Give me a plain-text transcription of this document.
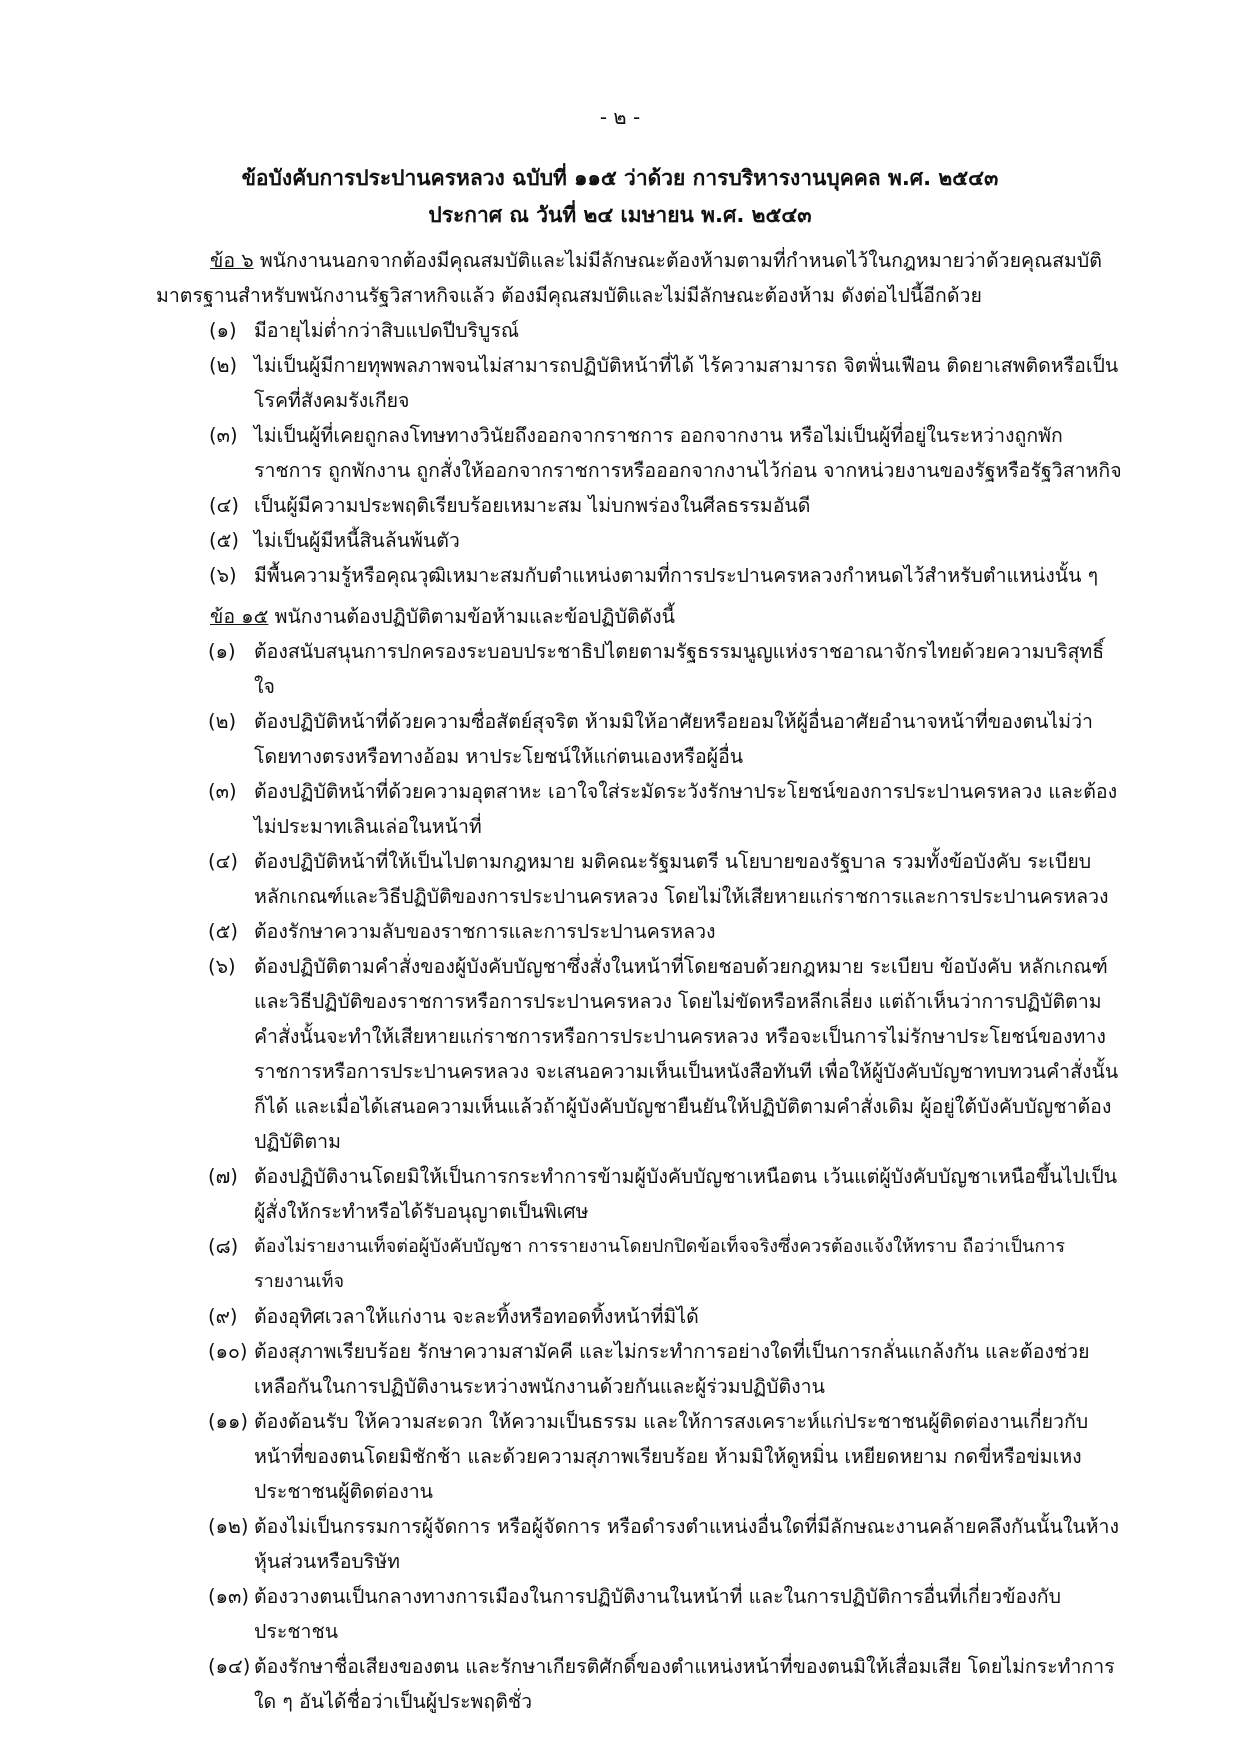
- ๒ -
ข้อบังคับการประปานครหลวง ฉบับที่ ๑๑๕ ว่าด้วย การบริหารงานบุคคล พ.ศ. ๒๕๔๓
ประกาศ ณ วันที่ ๒๔ เมษายน พ.ศ. ๒๕๔๓

ข้อ ๖ พนักงานนอกจากต้องมีคุณสมบัติและไม่มีลักษณะต้องห้ามตามที่กำหนดไว้ในกฎหมายว่าด้วยคุณสมบัติมาตรฐานสำหรับพนักงานรัฐวิสาหกิจแล้ว ต้องมีคุณสมบัติและไม่มีลักษณะต้องห้าม ดังต่อไปนี้อีกด้วย

(๑) มีอายุไม่ต่ำกว่าสิบแปดปีบริบูรณ์
(๒) ไม่เป็นผู้มีกายทุพพลภาพจนไม่สามารถปฏิบัติหน้าที่ได้ ไร้ความสามารถ จิตฟั่นเฟือน ติดยาเสพติดหรือเป็นโรคที่สังคมรังเกียจ
(๓) ไม่เป็นผู้ที่เคยถูกลงโทษทางวินัยถึงออกจากราชการ ออกจากงาน หรือไม่เป็นผู้ที่อยู่ในระหว่างถูกพักราชการ ถูกพักงาน ถูกสั่งให้ออกจากราชการหรือออกจากงานไว้ก่อน จากหน่วยงานของรัฐหรือรัฐวิสาหกิจ
(๔) เป็นผู้มีความประพฤติเรียบร้อยเหมาะสม ไม่บกพร่องในศีลธรรมอันดี
(๕) ไม่เป็นผู้มีหนี้สินล้นพ้นตัว
(๖) มีพื้นความรู้หรือคุณวุฒิเหมาะสมกับตำแหน่งตามที่การประปานครหลวงกำหนดไว้สำหรับตำแหน่งนั้น ๆ

ข้อ ๑๕ พนักงานต้องปฏิบัติตามข้อห้ามและข้อปฏิบัติดังนี้

(๑) ต้องสนับสนุนการปกครองระบอบประชาธิปไตยตามรัฐธรรมนูญแห่งราชอาณาจักรไทยด้วยความบริสุทธิ์ใจ
(๒) ต้องปฏิบัติหน้าที่ด้วยความซื่อสัตย์สุจริต ห้ามมิให้อาศัยหรือยอมให้ผู้อื่นอาศัยอำนาจหน้าที่ของตนไม่ว่าโดยทางตรงหรือทางอ้อม หาประโยชน์ให้แก่ตนเองหรือผู้อื่น
(๓) ต้องปฏิบัติหน้าที่ด้วยความอุตสาหะ เอาใจใส่ระมัดระวังรักษาประโยชน์ของการประปานครหลวง และต้องไม่ประมาทเลินเล่อในหน้าที่
(๔) ต้องปฏิบัติหน้าที่ให้เป็นไปตามกฎหมาย มติคณะรัฐมนตรี นโยบายของรัฐบาล รวมทั้งข้อบังคับ ระเบียบ หลักเกณฑ์และวิธีปฏิบัติของการประปานครหลวง โดยไม่ให้เสียหายแก่ราชการและการประปานครหลวง
(๕) ต้องรักษาความลับของราชการและการประปานครหลวง
(๖) ต้องปฏิบัติตามคำสั่งของผู้บังคับบัญชาซึ่งสั่งในหน้าที่โดยชอบด้วยกฎหมาย ระเบียบ ข้อบังคับ หลักเกณฑ์และวิธีปฏิบัติของราชการหรือการประปานครหลวง โดยไม่ขัดหรือหลีกเลี่ยง แต่ถ้าเห็นว่าการปฏิบัติตามคำสั่งนั้นจะทำให้เสียหายแก่ราชการหรือการประปานครหลวง หรือจะเป็นการไม่รักษาประโยชน์ของทางราชการหรือการประปานครหลวง จะเสนอความเห็นเป็นหนังสือทันที เพื่อให้ผู้บังคับบัญชาทบทวนคำสั่งนั้นก็ได้ และเมื่อได้เสนอความเห็นแล้วถ้าผู้บังคับบัญชายืนยันให้ปฏิบัติตามคำสั่งเดิม ผู้อยู่ใต้บังคับบัญชาต้องปฏิบัติตาม
(๗) ต้องปฏิบัติงานโดยมิให้เป็นการกระทำการข้ามผู้บังคับบัญชาเหนือตน เว้นแต่ผู้บังคับบัญชาเหนือขึ้นไปเป็นผู้สั่งให้กระทำหรือได้รับอนุญาตเป็นพิเศษ
(๘) ต้องไม่รายงานเท็จต่อผู้บังคับบัญชา การรายงานโดยปกปิดข้อเท็จจริงซึ่งควรต้องแจ้งให้ทราบ ถือว่าเป็นการรายงานเท็จ
(๙) ต้องอุทิศเวลาให้แก่งาน จะละทิ้งหรือทอดทิ้งหน้าที่มิได้
(๑๐) ต้องสุภาพเรียบร้อย รักษาความสามัคคี และไม่กระทำการอย่างใดที่เป็นการกลั่นแกล้งกัน และต้องช่วยเหลือกันในการปฏิบัติงานระหว่างพนักงานด้วยกันและผู้ร่วมปฏิบัติงาน
(๑๑) ต้องต้อนรับ ให้ความสะดวก ให้ความเป็นธรรม และให้การสงเคราะห์แก่ประชาชนผู้ติดต่องานเกี่ยวกับหน้าที่ของตนโดยมิชักช้า และด้วยความสุภาพเรียบร้อย ห้ามมิให้ดูหมิ่น เหยียดหยาม กดขี่หรือข่มเหงประชาชนผู้ติดต่องาน
(๑๒) ต้องไม่เป็นกรรมการผู้จัดการ หรือผู้จัดการ หรือดำรงตำแหน่งอื่นใดที่มีลักษณะงานคล้ายคลึงกันนั้นในห้างหุ้นส่วนหรือบริษัท
(๑๓) ต้องวางตนเป็นกลางทางการเมืองในการปฏิบัติงานในหน้าที่ และในการปฏิบัติการอื่นที่เกี่ยวข้องกับประชาชน
(๑๔) ต้องรักษาชื่อเสียงของตน และรักษาเกียรติศักดิ์ของตำแหน่งหน้าที่ของตนมิให้เสื่อมเสีย โดยไม่กระทำการใด ๆ อันได้ชื่อว่าเป็นผู้ประพฤติชั่ว
